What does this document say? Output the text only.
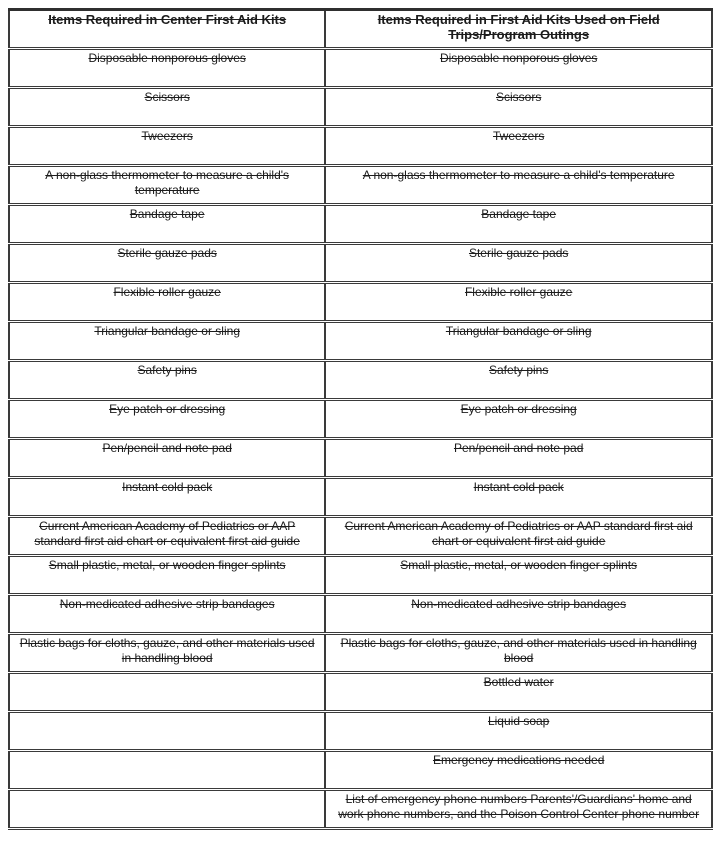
Items Required in Center First Aid Kits	Items Required in First Aid Kits Used on Field Trips/Program Outings
Disposable nonporous gloves	Disposable nonporous gloves
Scissors	Scissors
Tweezers	Tweezers
A non-glass thermometer to measure a child's temperature	A non-glass thermometer to measure a child's temperature
Bandage tape	Bandage tape
Sterile gauze pads	Sterile gauze pads
Flexible roller gauze	Flexible roller gauze
Triangular bandage or sling	Triangular bandage or sling
Safety pins	Safety pins
Eye patch or dressing	Eye patch or dressing
Pen/pencil and note pad	Pen/pencil and note pad
Instant cold pack	Instant cold pack
Current American Academy of Pediatrics or AAP standard first aid chart or equivalent first aid guide	Current American Academy of Pediatrics or AAP standard first aid chart or equivalent first aid guide
Small plastic, metal, or wooden finger splints	Small plastic, metal, or wooden finger splints
Non-medicated adhesive strip bandages	Non-medicated adhesive strip bandages
Plastic bags for cloths, gauze, and other materials used in handling blood	Plastic bags for cloths, gauze, and other materials used in handling blood
	Bottled water
	Liquid soap
	Emergency medications needed
	List of emergency phone numbers Parents'/Guardians' home and work phone numbers, and the Poison Control Center phone number
